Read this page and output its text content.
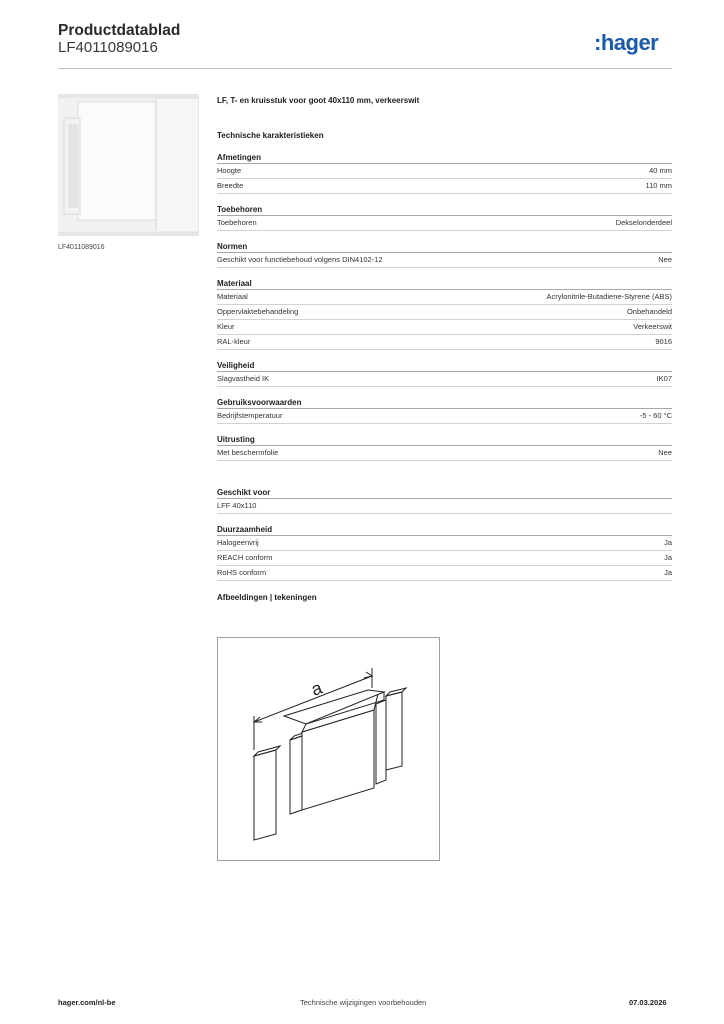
Productdatablad
LF4011089016	:hager
LF4011089016
LF, T- en kruisstuk voor goot 40x110 mm, verkeerswit
Technische karakteristieken
Afmetingen
Hoogte	40 mm
Breedte	110 mm
Toebehoren
Toebehoren	Dekselonderdeel
Normen
Geschikt voor functiebehoud volgens DIN4102-12	Nee
Materiaal
Materiaal	Acrylonitrile-Butadiene-Styrene (ABS)
Oppervlaktebehandeling	Onbehandeld
Kleur	Verkeerswit
RAL-kleur	9016
Veiligheid
Slagvastheid IK	IK07
Gebruiksvoorwaarden
Bedrijfstemperatuur	-5 - 60 °C
Uitrusting
Met beschermfolie	Nee
Geschikt voor
LFF 40x110
Duurzaamheid
Halogeenvrij	Ja
REACH conform	Ja
RoHS conform	Ja
Afbeeldingen | tekeningen
a
hager.com/nl-be	Technische wijzigingen voorbehouden	07.03.2026
